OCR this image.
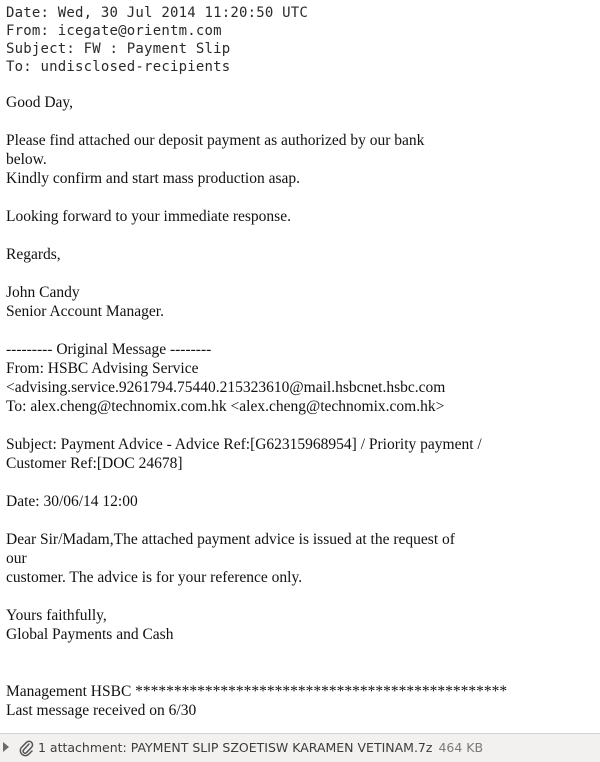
Date: Wed, 30 Jul 2014 11:20:50 UTC
From: icegate@orientm.com
Subject: FW : Payment Slip
To: undisclosed-recipients
Good Day,
Please find attached our deposit payment as authorized by our bank
below.
Kindly confirm and start mass production asap.
Looking forward to your immediate response.
Regards,
John Candy
Senior Account Manager.
--------- Original Message --------
From: HSBC Advising Service
<advising.service.9261794.75440.215323610@mail.hsbcnet.hsbc.com
To: alex.cheng@technomix.com.hk <alex.cheng@technomix.com.hk>
Subject: Payment Advice - Advice Ref:[G62315968954] / Priority payment /
Customer Ref:[DOC 24678]
Date: 30/06/14 12:00
Dear Sir/Madam,The attached payment advice is issued at the request of
our
customer. The advice is for your reference only.
Yours faithfully,
Global Payments and Cash
Management HSBC ************************************************
Last message received on 6/30
1 attachment: PAYMENT SLIP SZOETISW KARAMEN VETINAM.7z 464 KB
